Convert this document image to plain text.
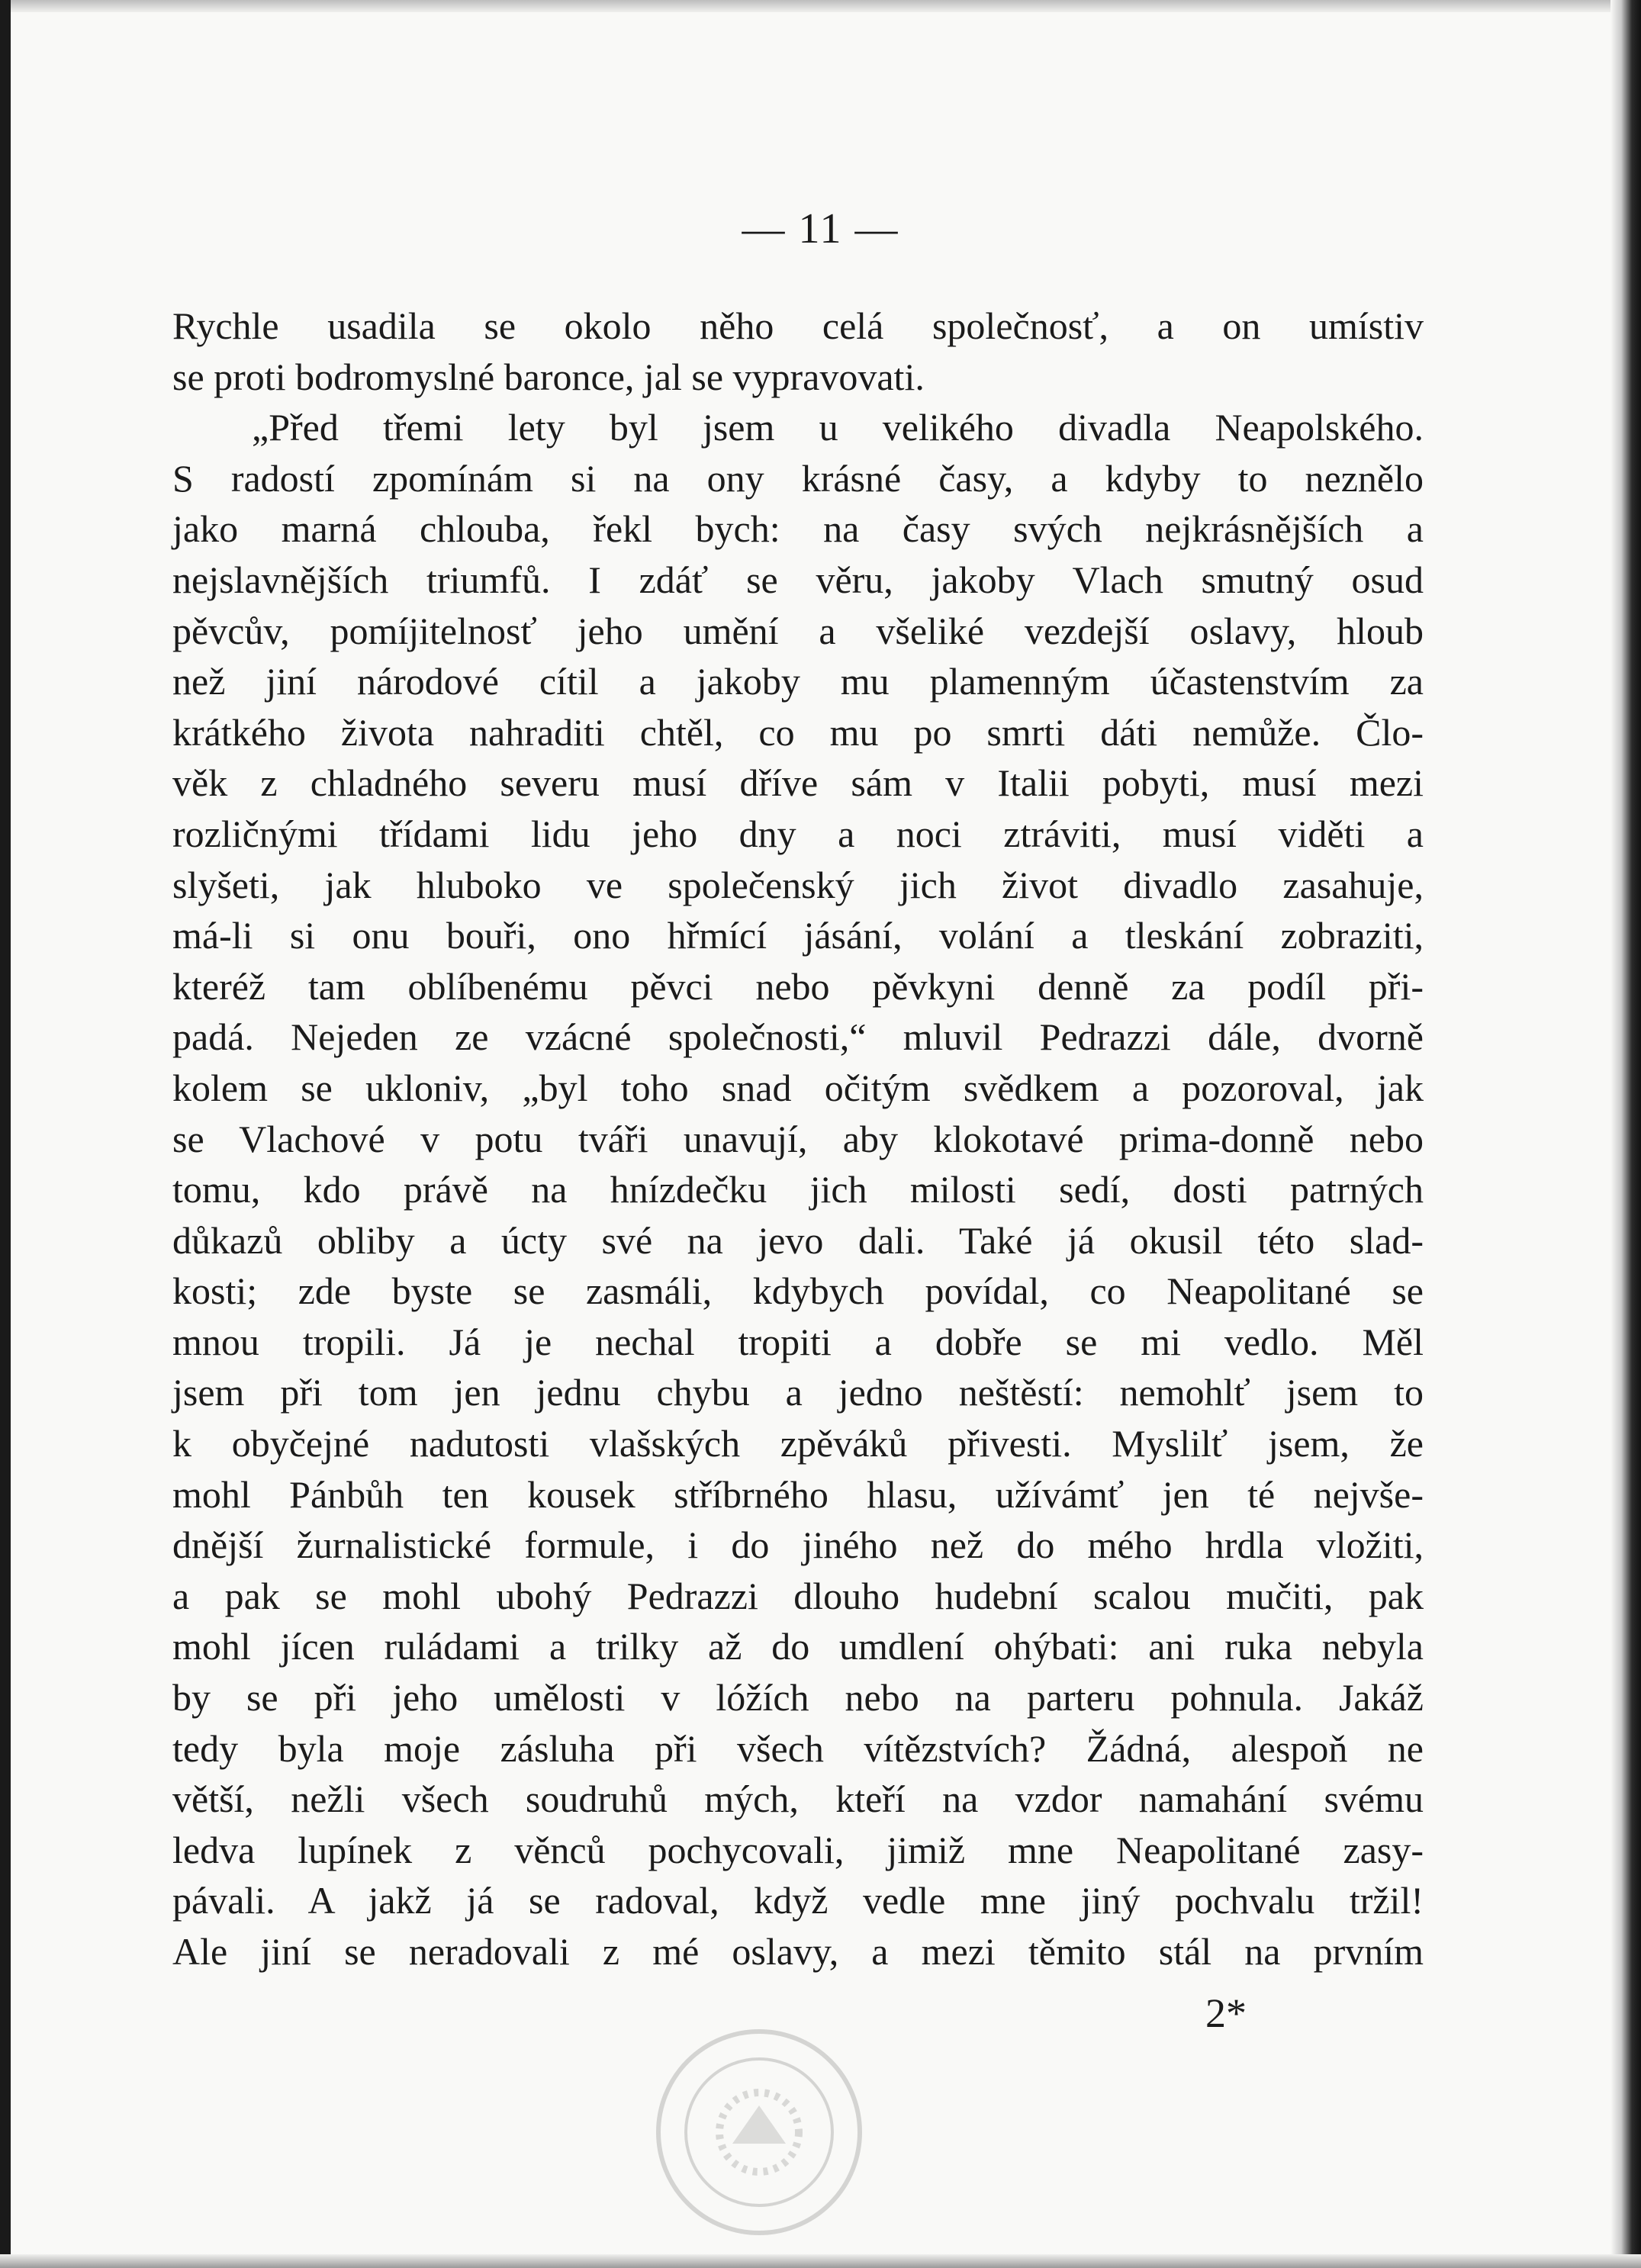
— 11 —
Rychle usadila se okolo něho celá společnosť, a on umístiv
se proti bodromyslné baronce, jal se vypravovati.
„Před třemi lety byl jsem u velikého divadla Neapolského.
S radostí zpomínám si na ony krásné časy, a kdyby to neznělo
jako marná chlouba, řekl bych: na časy svých nejkrásnějších a
nejslavnějších triumfů. I zdáť se věru, jakoby Vlach smutný osud
pěvcův, pomíjitelnosť jeho umění a všeliké vezdejší oslavy, hloub
než jiní národové cítil a jakoby mu plamenným účastenstvím za
krátkého života nahraditi chtěl, co mu po smrti dáti nemůže. Člo-
věk z chladného severu musí dříve sám v Italii pobyti, musí mezi
rozličnými třídami lidu jeho dny a noci ztráviti, musí viděti a
slyšeti, jak hluboko ve společenský jich život divadlo zasahuje,
má-li si onu bouři, ono hřmící jásání, volání a tleskání zobraziti,
kteréž tam oblíbenému pěvci nebo pěvkyni denně za podíl při-
padá. Nejeden ze vzácné společnosti,“ mluvil Pedrazzi dále, dvorně
kolem se ukloniv, „byl toho snad očitým svědkem a pozoroval, jak
se Vlachové v potu tváři unavují, aby klokotavé prima-donně nebo
tomu, kdo právě na hnízdečku jich milosti sedí, dosti patrných
důkazů obliby a úcty své na jevo dali. Také já okusil této slad-
kosti; zde byste se zasmáli, kdybych povídal, co Neapolitané se
mnou tropili. Já je nechal tropiti a dobře se mi vedlo. Měl
jsem při tom jen jednu chybu a jedno neštěstí: nemohlť jsem to
k obyčejné nadutosti vlašských zpěváků přivesti. Myslilť jsem, že
mohl Pánbůh ten kousek stříbrného hlasu, užívámť jen té nejvše-
dnější žurnalistické formule, i do jiného než do mého hrdla vložiti,
a pak se mohl ubohý Pedrazzi dlouho hudební scalou mučiti, pak
mohl jícen ruládami a trilky až do umdlení ohýbati: ani ruka nebyla
by se při jeho umělosti v lóžích nebo na parteru pohnula. Jakáž
tedy byla moje zásluha při všech vítězstvích? Žádná, alespoň ne
větší, nežli všech soudruhů mých, kteří na vzdor namahání svému
ledva lupínek z věnců pochycovali, jimiž mne Neapolitané zasy-
pávali. A jakž já se radoval, když vedle mne jiný pochvalu tržil!
Ale jiní se neradovali z mé oslavy, a mezi těmito stál na prvním
2*
